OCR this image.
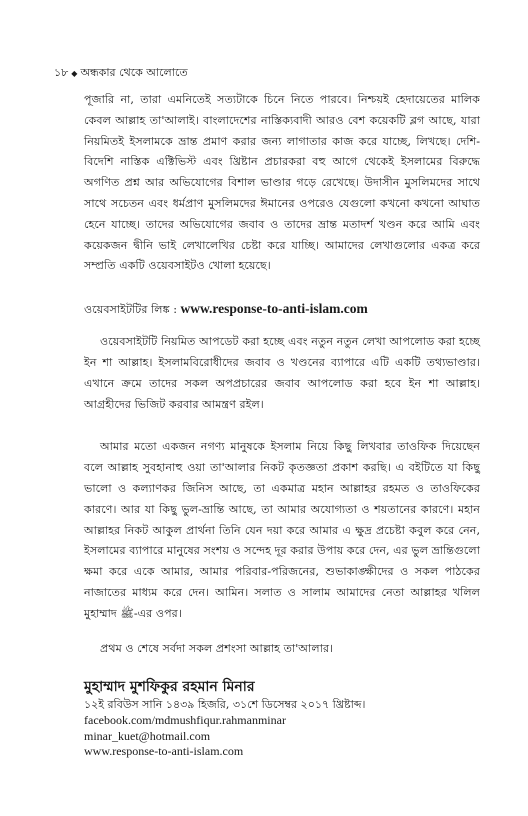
১৮ ◆ অন্ধকার থেকে আলোতে

পূজারি না, তারা এমনিতেই সত্যটাকে চিনে নিতে পারবে। নিশ্চয়ই হেদায়েতের মালিক কেবল আল্লাহ তা'আলাই। বাংলাদেশের নাস্তিক্যবাদী আরও বেশ কয়েকটি ব্লগ আছে, যারা নিয়মিতই ইসলামকে ভ্রান্ত প্রমাণ করার জন্য লাগাতার কাজ করে যাচ্ছে, লিখছে। দেশি-বিদেশি নাস্তিক এক্টিভিস্ট এবং খ্রিষ্টান প্রচারকরা বহু আগে থেকেই ইসলামের বিরুদ্ধে অগণিত প্রশ্ন আর অভিযোগের বিশাল ভাণ্ডার গড়ে রেখেছে। উদাসীন মুসলিমদের সাথে সাথে সচেতন এবং ধর্মপ্রাণ মুসলিমদের ঈমানের ওপরেও যেগুলো কখনো কখনো আঘাত হেনে যাচ্ছে। তাদের অভিযোগের জবাব ও তাদের ভ্রান্ত মতাদর্শ খণ্ডন করে আমি এবং কয়েকজন দ্বীনি ভাই লেখালেখির চেষ্টা করে যাচ্ছি। আমাদের লেখাগুলোর একত্র করে সম্প্রতি একটি ওয়েবসাইটও খোলা হয়েছে।

ওয়েবসাইটটির লিঙ্ক : www.response-to-anti-islam.com

ওয়েবসাইটটি নিয়মিত আপডেট করা হচ্ছে এবং নতুন নতুন লেখা আপলোড করা হচ্ছে ইন শা আল্লাহ। ইসলামবিরোধীদের জবাব ও খণ্ডনের ব্যাপারে এটি একটি তথ্যভাণ্ডার। এখানে ক্রমে তাদের সকল অপপ্রচারের জবাব আপলোড করা হবে ইন শা আল্লাহ। আগ্রহীদের ভিজিট করবার আমন্ত্রণ রইল।

আমার মতো একজন নগণ্য মানুষকে ইসলাম নিয়ে কিছু লিখবার তাওফিক দিয়েছেন বলে আল্লাহ সুবহানাহু ওয়া তা'আলার নিকট কৃতজ্ঞতা প্রকাশ করছি। এ বইটিতে যা কিছু ভালো ও কল্যাণকর জিনিস আছে, তা একমাত্র মহান আল্লাহর রহমত ও তাওফিকের কারণে। আর যা কিছু ভুল-ভ্রান্তি আছে, তা আমার অযোগ্যতা ও শয়তানের কারণে। মহান আল্লাহর নিকট আকুল প্রার্থনা তিনি যেন দয়া করে আমার এ ক্ষুদ্র প্রচেষ্টা কবুল করে নেন, ইসলামের ব্যাপারে মানুষের সংশয় ও সন্দেহ দূর করার উপায় করে দেন, এর ভুল ভ্রান্তিগুলো ক্ষমা করে একে আমার, আমার পরিবার-পরিজনের, শুভাকাঙ্ক্ষীদের ও সকল পাঠকের নাজাতের মাধ্যম করে দেন। আমিন। সলাত ও সালাম আমাদের নেতা আল্লাহর খলিল মুহাম্মাদ ﷺ-এর ওপর।

প্রথম ও শেষে সর্বদা সকল প্রশংসা আল্লাহ তা'আলার।

মুহাম্মাদ মুশফিকুর রহমান মিনার
১২ই রবিউস সানি ১৪৩৯ হিজরি, ৩১শে ডিসেম্বর ২০১৭ খ্রিষ্টাব্দ।
facebook.com/mdmushfiqur.rahmanminar
minar_kuet@hotmail.com
www.response-to-anti-islam.com
